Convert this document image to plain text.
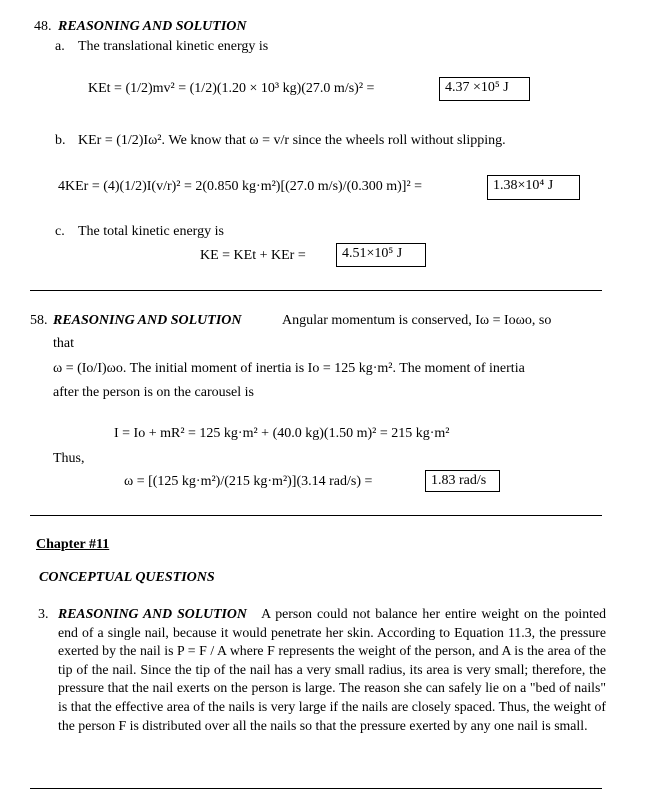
48. REASONING AND SOLUTION
a. The translational kinetic energy is
KEt = (1/2)mv² = (1/2)(1.20 × 10³ kg)(27.0 m/s)² =	4.37 ×10⁵ J
b. KEr = (1/2)Iω². We know that ω = v/r since the wheels roll without slipping.
4KEr = (4)(1/2)I(v/r)² = 2(0.850 kg·m²)[(27.0 m/s)/(0.300 m)]² =	1.38×10⁴ J
c. The total kinetic energy is
KE = KEt + KEr =	4.51×10⁵ J
58. REASONING AND SOLUTION	Angular momentum is conserved, Iω = Ioωo, so
that
ω = (Io/I)ωo. The initial moment of inertia is Io = 125 kg·m². The moment of inertia
after the person is on the carousel is
I = Io + mR² = 125 kg·m² + (40.0 kg)(1.50 m)² = 215 kg·m²
Thus,
ω = [(125 kg·m²)/(215 kg·m²)](3.14 rad/s) =	1.83 rad/s
Chapter #11
CONCEPTUAL QUESTIONS
3. REASONING AND SOLUTION A person could not balance her entire weight on the pointed end of a single nail, because it would penetrate her skin. According to Equation 11.3, the pressure exerted by the nail is P = F / A where F represents the weight of the person, and A is the area of the tip of the nail. Since the tip of the nail has a very small radius, its area is very small; therefore, the pressure that the nail exerts on the person is large. The reason she can safely lie on a "bed of nails" is that the effective area of the nails is very large if the nails are closely spaced. Thus, the weight of the person F is distributed over all the nails so that the pressure exerted by any one nail is small.
